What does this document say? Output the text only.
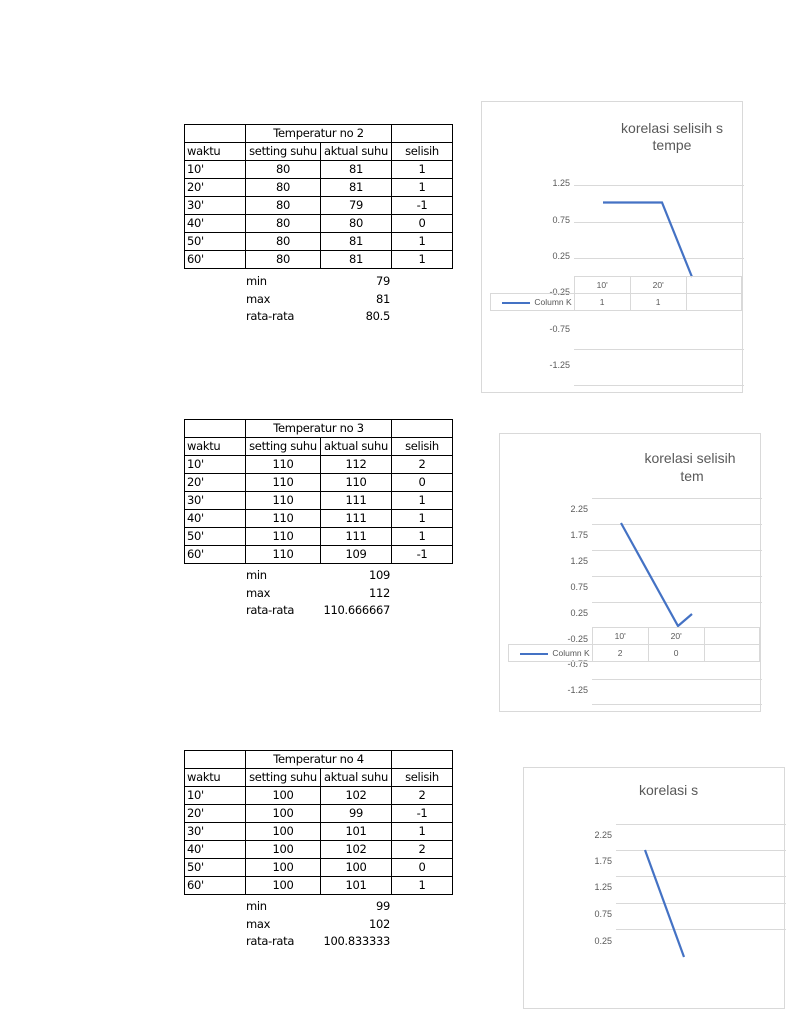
	Temperatur no 2		
waktu	setting suhu	aktual suhu	selisih
10'	80	81	1
20'	80	81	1
30'	80	79	-1
40'	80	80	0
50'	80	81	1
60'	80	81	1
min	79
max	81
rata-rata	80.5
korelasi selisih s
tempe
1.25
0.75
0.25
-0.25
-0.75
-1.25
	10'	20'	
Column K	1	1	
	Temperatur no 3		
waktu	setting suhu	aktual suhu	selisih
10'	110	112	2
20'	110	110	0
30'	110	111	1
40'	110	111	1
50'	110	111	1
60'	110	109	-1
min	109
max	112
rata-rata	110.666667
korelasi selisih
tem
2.25
1.75
1.25
0.75
0.25
-0.25
-0.75
-1.25
	10'	20'	
Column K	2	0	
	Temperatur no 4		
waktu	setting suhu	aktual suhu	selisih
10'	100	102	2
20'	100	99	-1
30'	100	101	1
40'	100	102	2
50'	100	100	0
60'	100	101	1
min	99
max	102
rata-rata	100.833333
korelasi s
2.25
1.75
1.25
0.75
0.25
